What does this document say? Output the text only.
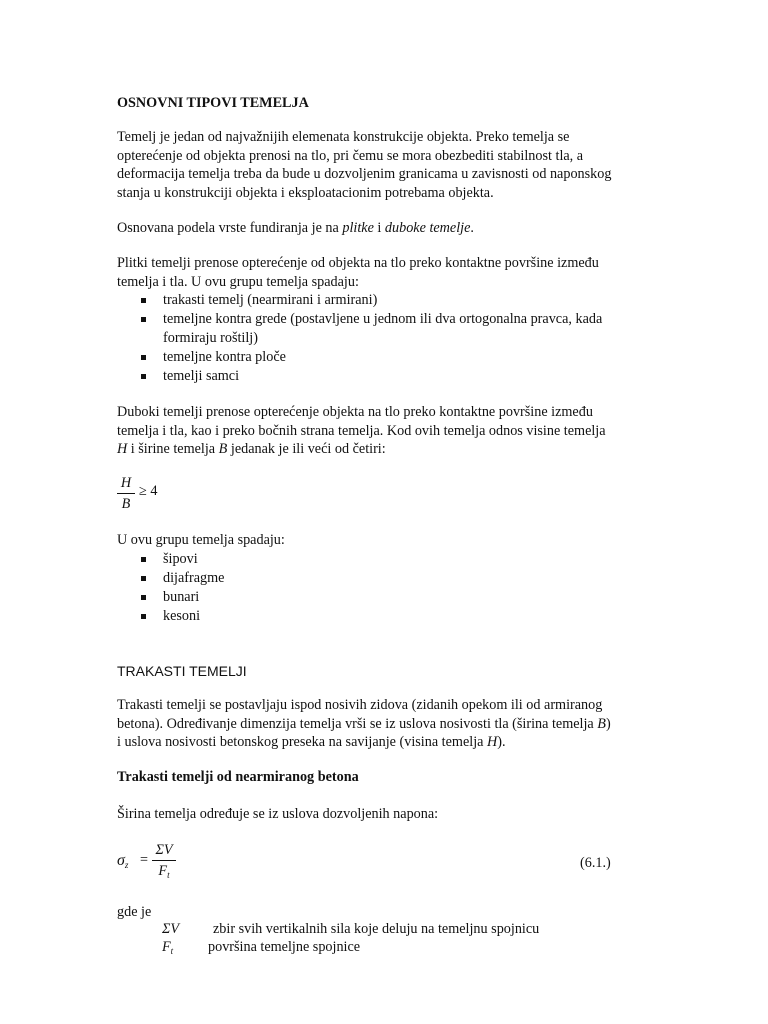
OSNOVNI TIPOVI TEMELJA

Temelj je jedan od najvažnijih elemenata konstrukcije objekta. Preko temelja se
opterećenje od objekta prenosi na tlo, pri čemu se mora obezbediti stabilnost tla, a
deformacija temelja treba da bude u dozvoljenim granicama u zavisnosti od naponskog
stanja u konstrukciji objekta i eksploatacionim potrebama objekta.
Osnovana podela vrste fundiranja je na plitke i duboke temelje.
Plitki temelji prenose opterećenje od objekta na tlo preko kontaktne površine između
temelja i tla. U ovu grupu temelja spadaju:
trakasti temelj (nearmirani i armirani)
temeljne kontra grede (postavljene u jednom ili dva ortogonalna pravca, kada
formiraju roštilj)
temeljne kontra ploče
temelji samci
Duboki temelji prenose opterećenje objekta na tlo preko kontaktne površine između
temelja i tla, kao i preko bočnih strana temelja. Kod ovih temelja odnos visine temelja
H i širine temelja B jedanak je ili veći od četiri:
H
B
≥ 4
U ovu grupu temelja spadaju:
šipovi
dijafragme
bunari
kesoni
TRAKASTI TEMELJI
Trakasti temelji se postavljaju ispod nosivih zidova (zidanih opekom ili od armiranog
betona). Određivanje dimenzija temelja vrši se iz uslova nosivosti tla (širina temelja B)
i uslova nosivosti betonskog preseka na savijanje (visina temelja H).
Trakasti temelji od nearmiranog betona
Širina temelja određuje se iz uslova dozvoljenih napona:
$\sigma_z$ =
ΣV
$F_t$
(6.1.)
gde je
ΣV zbir svih vertikalnih sila koje deluju na temeljnu spojnicu
$F_t$ površina temeljne spojnice
